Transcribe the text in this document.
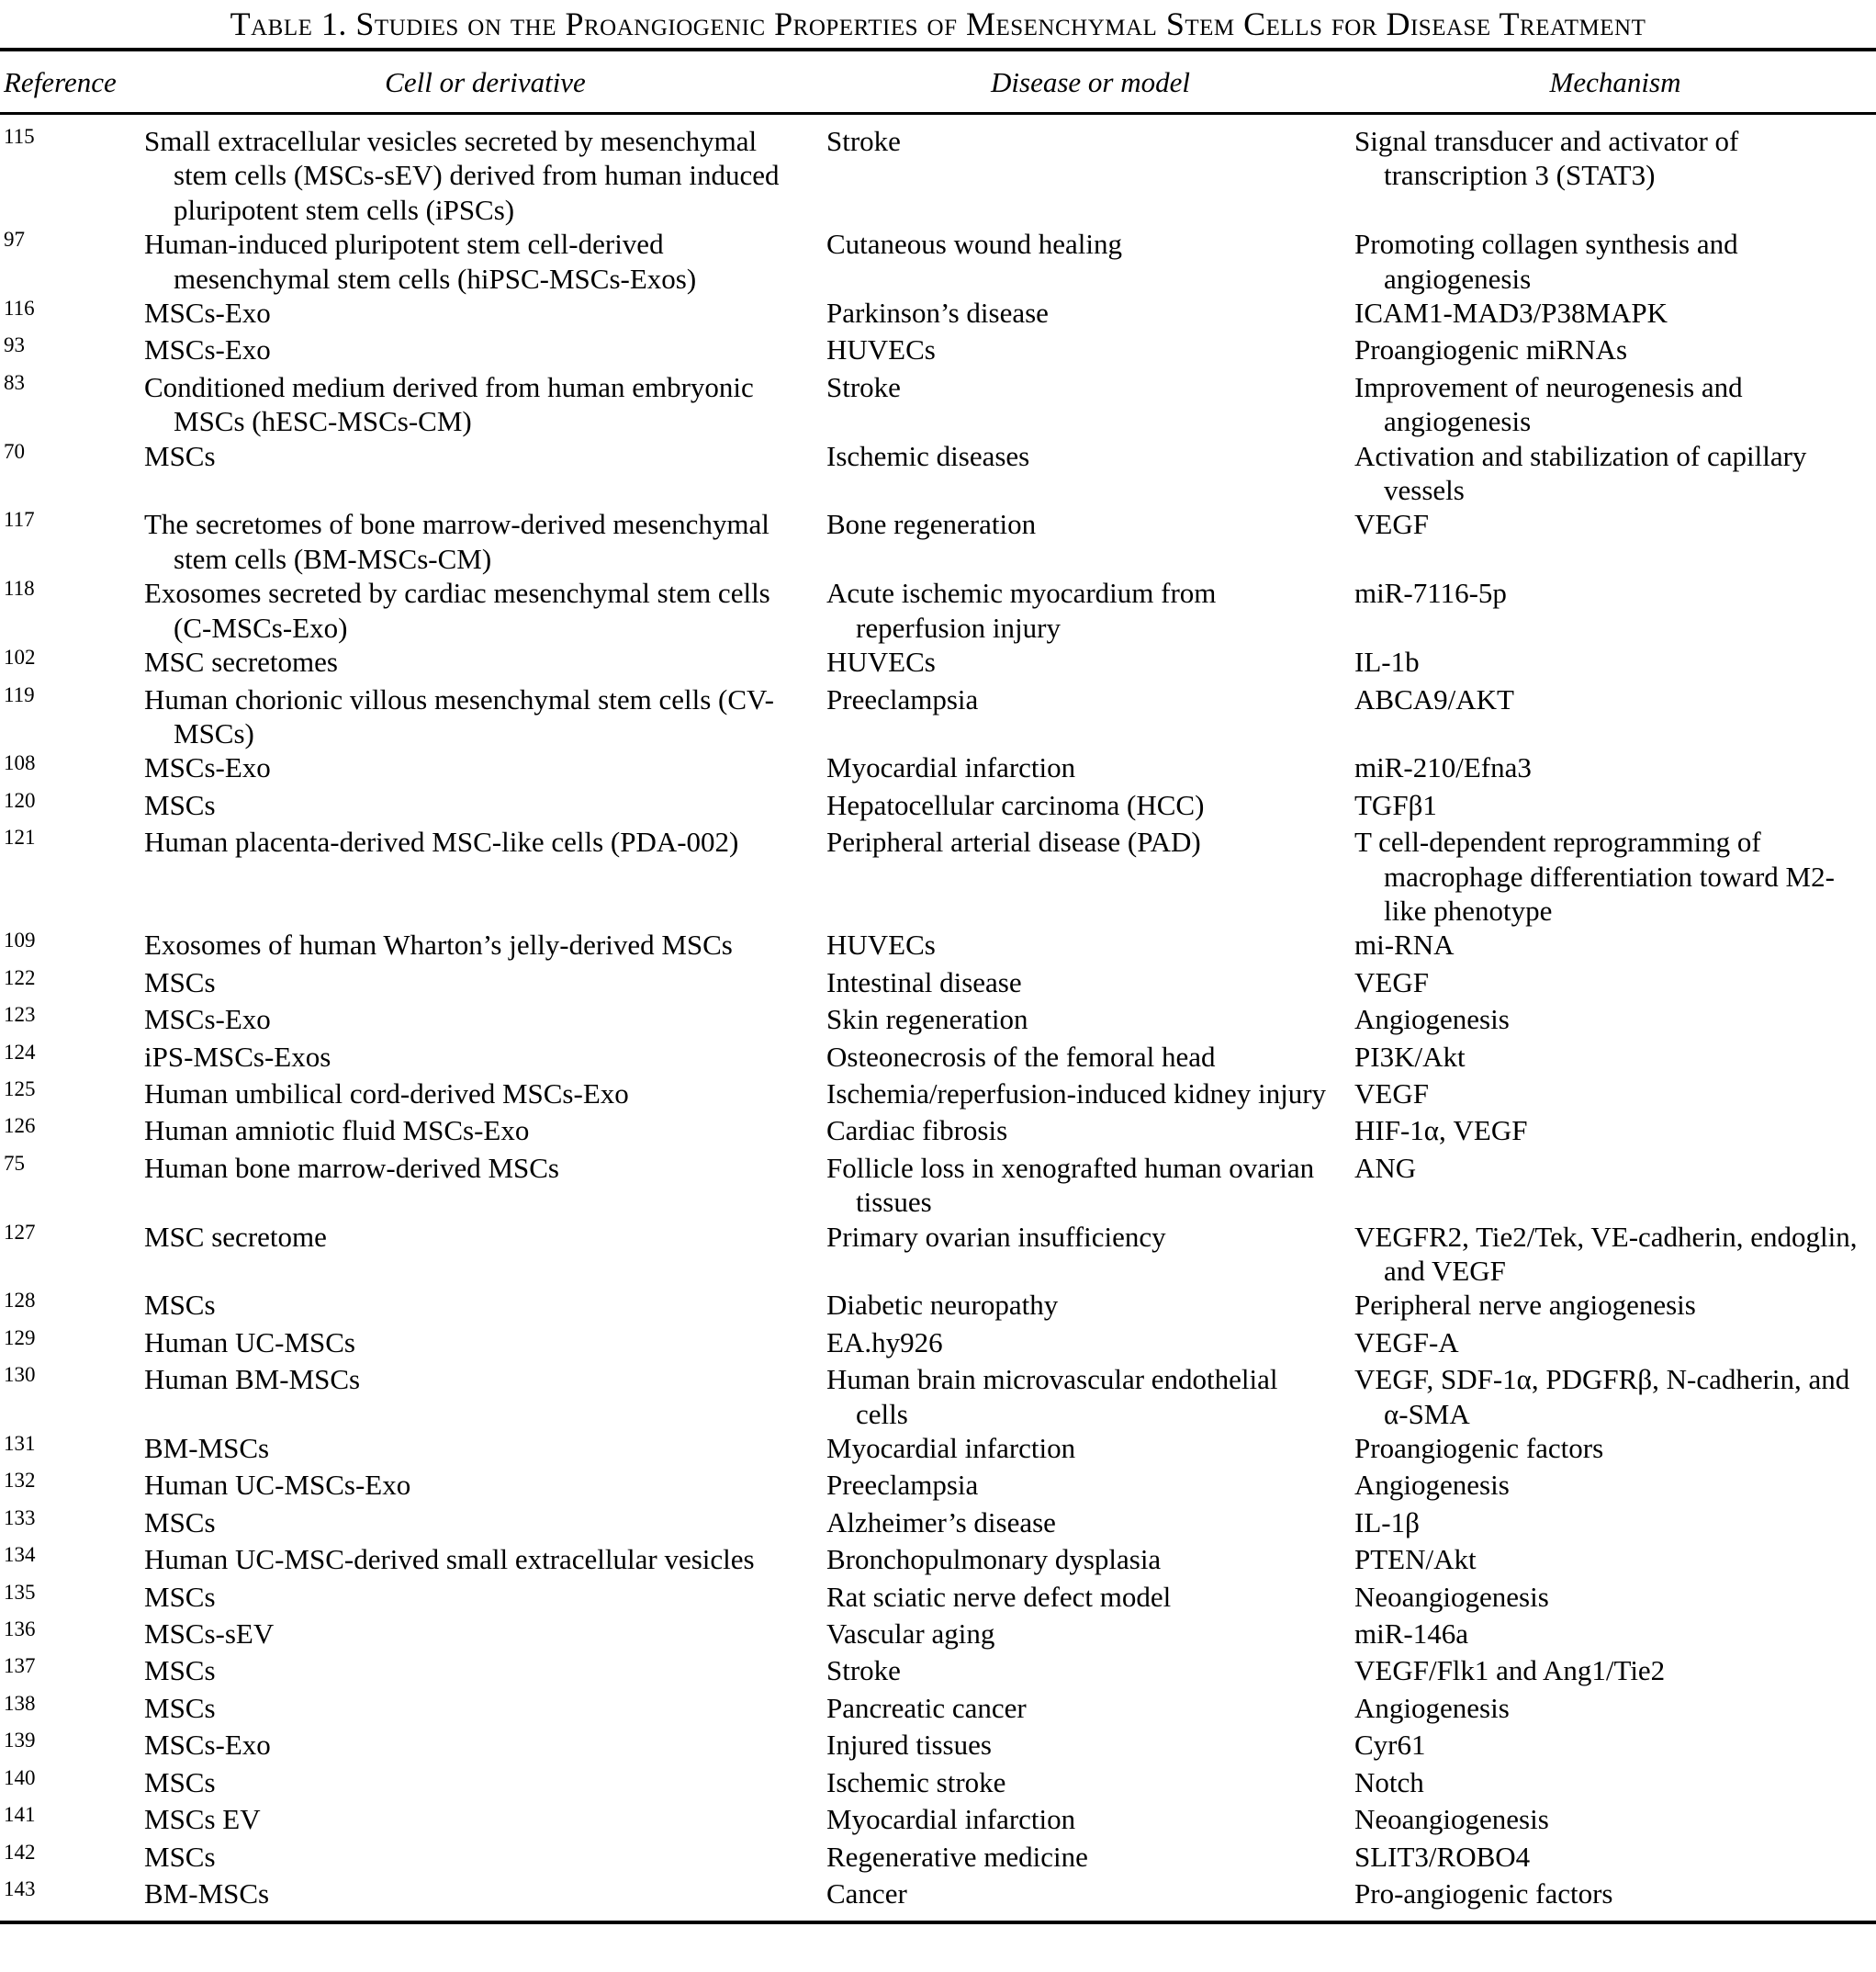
Table 1. Studies on the Proangiogenic Properties of Mesenchymal Stem Cells for Disease Treatment
Reference	Cell or derivative	Disease or model	Mechanism
$^{115}$	Small extracellular vesicles secreted by mesenchymal stem cells (MSCs-sEV) derived from human induced pluripotent stem cells (iPSCs)	Stroke	Signal transducer and activator of transcription 3 (STAT3)
$^{97}$	Human-induced pluripotent stem cell-derived mesenchymal stem cells (hiPSC-MSCs-Exos)	Cutaneous wound healing	Promoting collagen synthesis and angiogenesis
$^{116}$	MSCs-Exo	Parkinson’s disease	ICAM1-MAD3/P38MAPK
$^{93}$	MSCs-Exo	HUVECs	Proangiogenic miRNAs
$^{83}$	Conditioned medium derived from human embryonic MSCs (hESC-MSCs-CM)	Stroke	Improvement of neurogenesis and angiogenesis
$^{70}$	MSCs	Ischemic diseases	Activation and stabilization of capillary vessels
$^{117}$	The secretomes of bone marrow-derived mesenchymal stem cells (BM-MSCs-CM)	Bone regeneration	VEGF
$^{118}$	Exosomes secreted by cardiac mesenchymal stem cells (C-MSCs-Exo)	Acute ischemic myocardium from reperfusion injury	miR-7116-5p
$^{102}$	MSC secretomes	HUVECs	IL-1b
$^{119}$	Human chorionic villous mesenchymal stem cells (CV-MSCs)	Preeclampsia	ABCA9/AKT
$^{108}$	MSCs-Exo	Myocardial infarction	miR-210/Efna3
$^{120}$	MSCs	Hepatocellular carcinoma (HCC)	TGFβ1
$^{121}$	Human placenta-derived MSC-like cells (PDA-002)	Peripheral arterial disease (PAD)	T cell-dependent reprogramming of macrophage differentiation toward M2-like phenotype
$^{109}$	Exosomes of human Wharton’s jelly-derived MSCs	HUVECs	mi-RNA
$^{122}$	MSCs	Intestinal disease	VEGF
$^{123}$	MSCs-Exo	Skin regeneration	Angiogenesis
$^{124}$	iPS-MSCs-Exos	Osteonecrosis of the femoral head	PI3K/Akt
$^{125}$	Human umbilical cord-derived MSCs-Exo	Ischemia/reperfusion-induced kidney injury	VEGF
$^{126}$	Human amniotic fluid MSCs-Exo	Cardiac fibrosis	HIF-1α, VEGF
$^{75}$	Human bone marrow-derived MSCs	Follicle loss in xenografted human ovarian tissues	ANG
$^{127}$	MSC secretome	Primary ovarian insufficiency	VEGFR2, Tie2/Tek, VE-cadherin, endoglin, and VEGF
$^{128}$	MSCs	Diabetic neuropathy	Peripheral nerve angiogenesis
$^{129}$	Human UC-MSCs	EA.hy926	VEGF-A
$^{130}$	Human BM-MSCs	Human brain microvascular endothelial cells	VEGF, SDF-1α, PDGFRβ, N-cadherin, and α-SMA
$^{131}$	BM-MSCs	Myocardial infarction	Proangiogenic factors
$^{132}$	Human UC-MSCs-Exo	Preeclampsia	Angiogenesis
$^{133}$	MSCs	Alzheimer’s disease	IL-1β
$^{134}$	Human UC-MSC-derived small extracellular vesicles	Bronchopulmonary dysplasia	PTEN/Akt
$^{135}$	MSCs	Rat sciatic nerve defect model	Neoangiogenesis
$^{136}$	MSCs-sEV	Vascular aging	miR-146a
$^{137}$	MSCs	Stroke	VEGF/Flk1 and Ang1/Tie2
$^{138}$	MSCs	Pancreatic cancer	Angiogenesis
$^{139}$	MSCs-Exo	Injured tissues	Cyr61
$^{140}$	MSCs	Ischemic stroke	Notch
$^{141}$	MSCs EV	Myocardial infarction	Neoangiogenesis
$^{142}$	MSCs	Regenerative medicine	SLIT3/ROBO4
$^{143}$	BM-MSCs	Cancer	Pro-angiogenic factors
